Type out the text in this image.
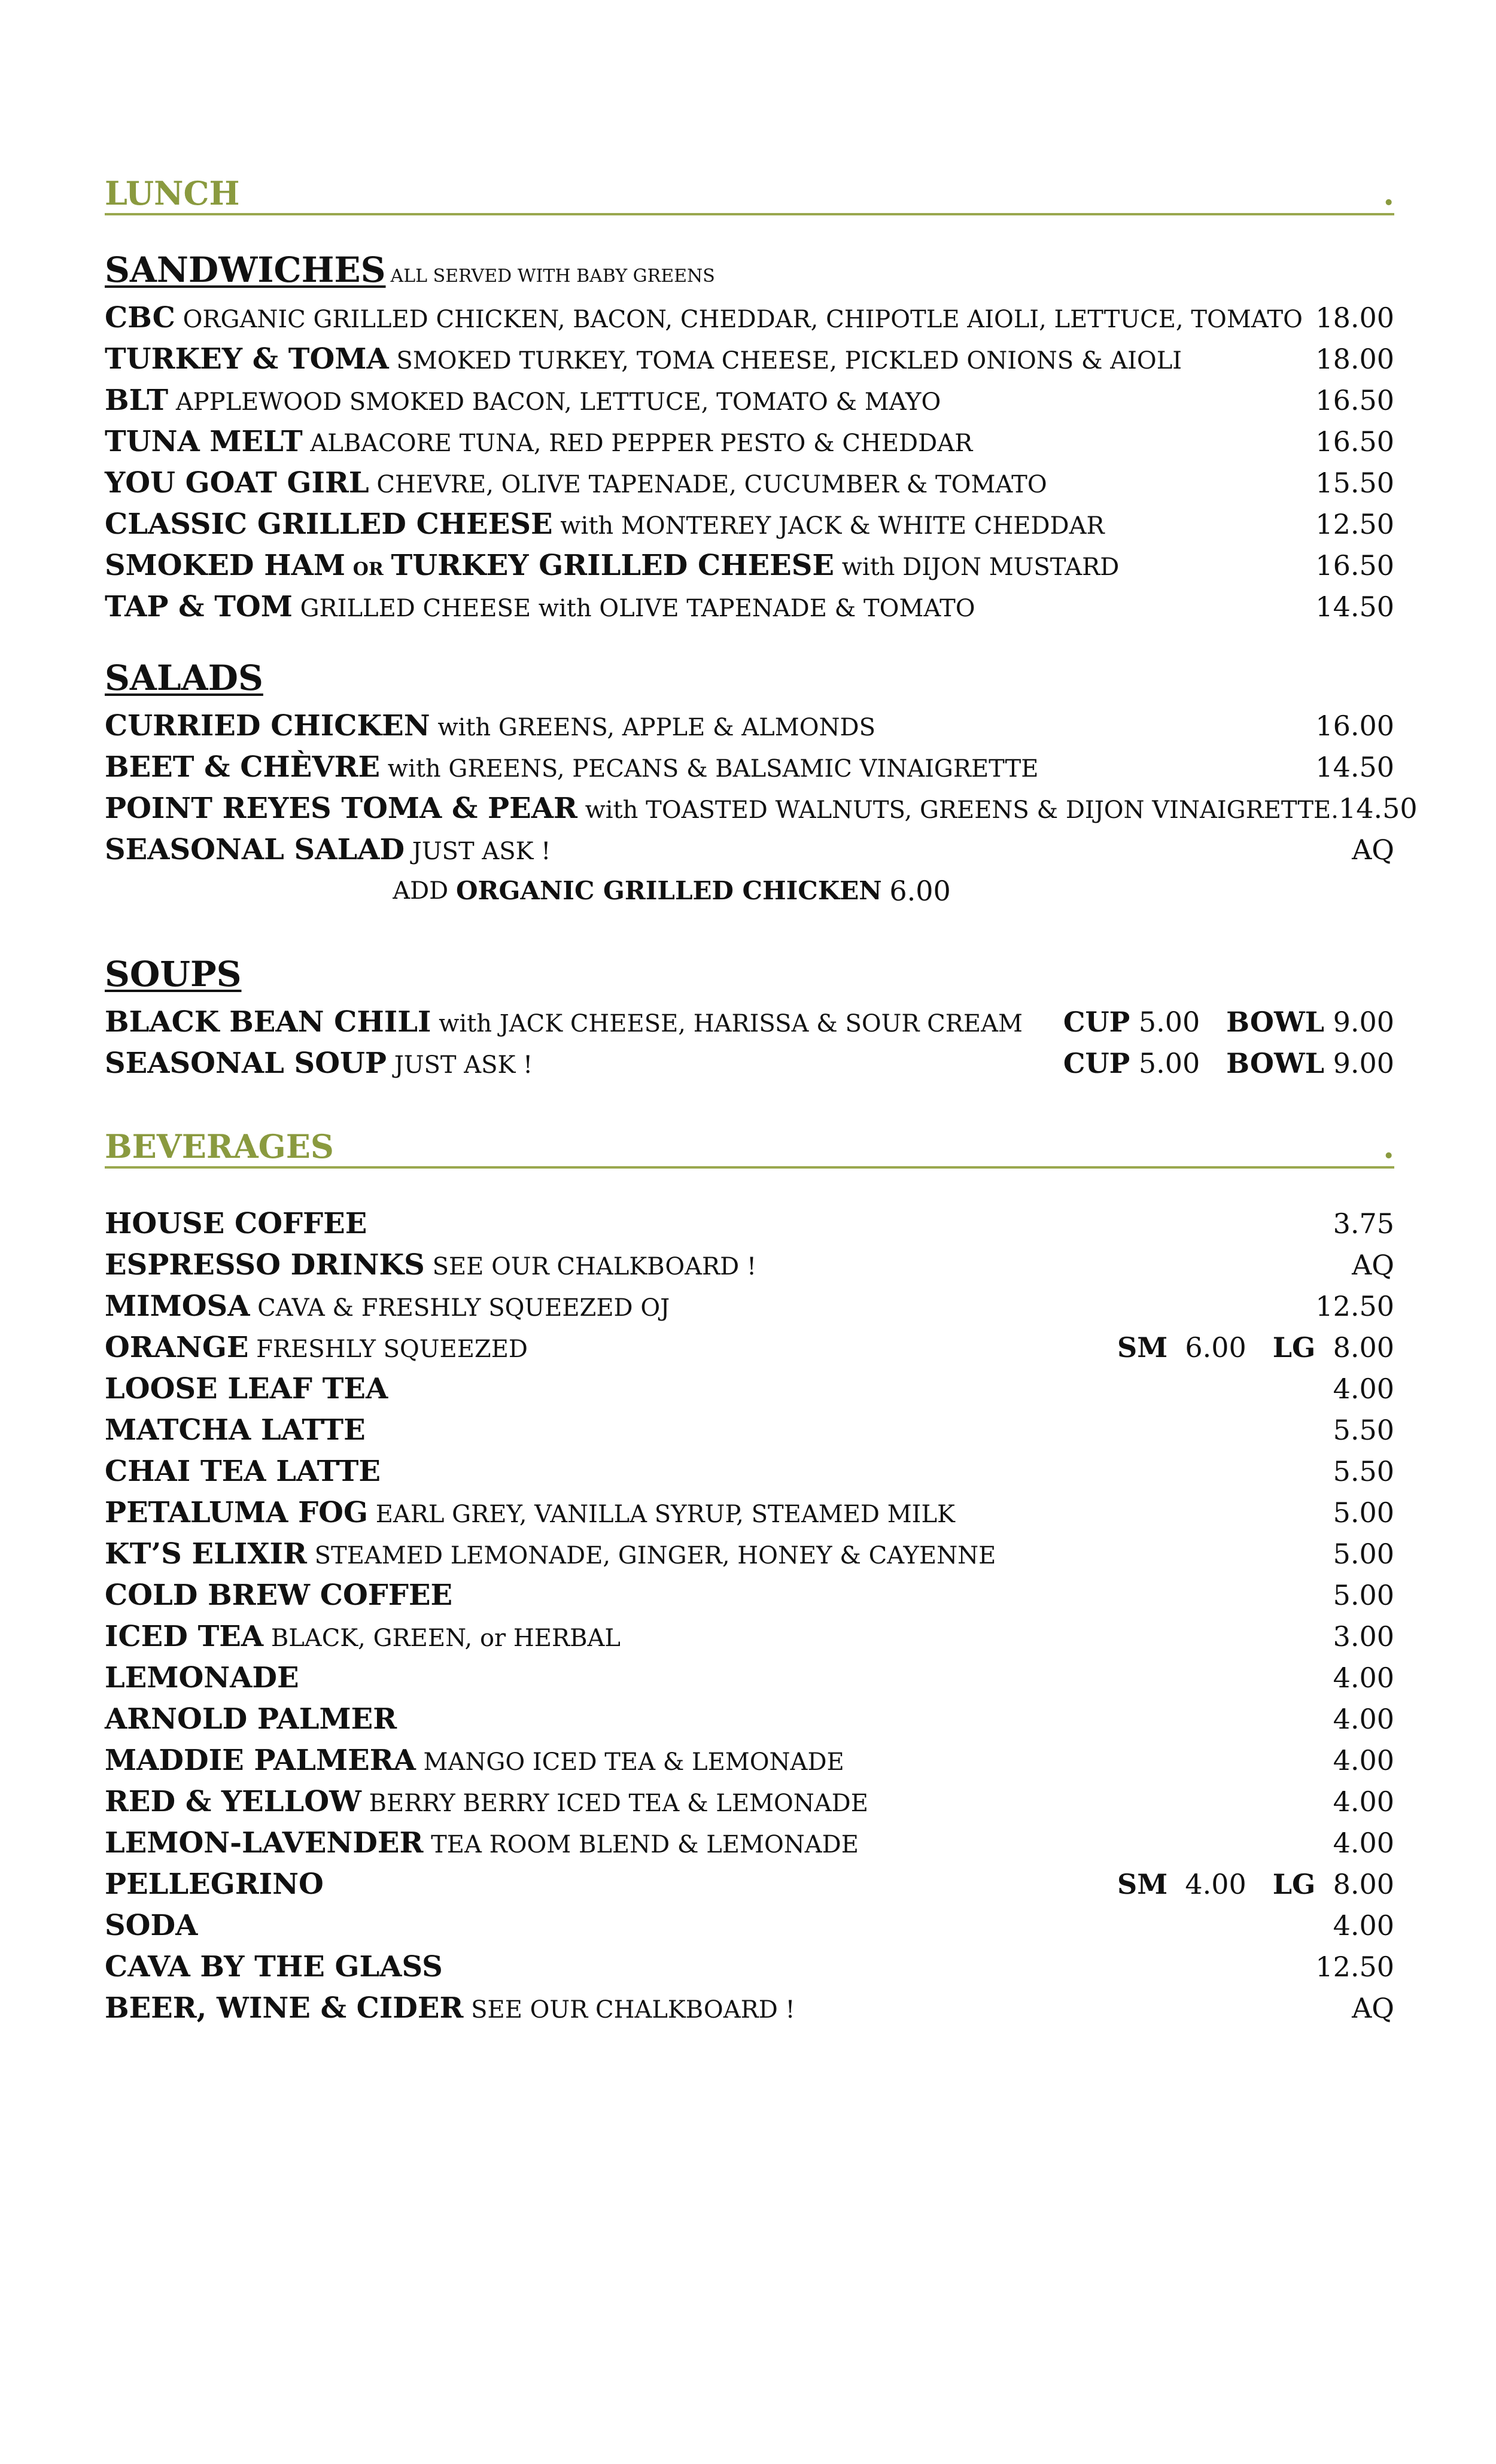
LUNCH	.
SANDWICHES ALL SERVED WITH BABY GREENS
CBC ORGANIC GRILLED CHICKEN, BACON, CHEDDAR, CHIPOTLE AIOLI, LETTUCE, TOMATO 18.00
TURKEY & TOMA SMOKED TURKEY, TOMA CHEESE, PICKLED ONIONS & AIOLI	18.00
BLT APPLEWOOD SMOKED BACON, LETTUCE, TOMATO & MAYO	16.50
TUNA MELT ALBACORE TUNA, RED PEPPER PESTO & CHEDDAR	16.50
YOU GOAT GIRL CHEVRE, OLIVE TAPENADE, CUCUMBER & TOMATO	15.50
CLASSIC GRILLED CHEESE with MONTEREY JACK & WHITE CHEDDAR	12.50
SMOKED HAM OR TURKEY GRILLED CHEESE with DIJON MUSTARD	16.50
TAP & TOM GRILLED CHEESE with OLIVE TAPENADE & TOMATO	14.50
SALADS
CURRIED CHICKEN with GREENS, APPLE & ALMONDS	16.00
BEET & CHÈVRE with GREENS, PECANS & BALSAMIC VINAIGRETTE	14.50
POINT REYES TOMA & PEAR with TOASTED WALNUTS, GREENS & DIJON VINAIGRETTE. 14.50
SEASONAL SALAD JUST ASK !	AQ
ADD
ORGANIC GRILLED CHICKEN
6.00
SOUPS
BLACK BEAN CHILI with JACK CHEESE, HARISSA & SOUR CREAM CUP 5.00 BOWL 9.00
SEASONAL SOUP JUST ASK !	CUP 5.00 BOWL 9.00
BEVERAGES	.
HOUSE COFFEE	3.75
ESPRESSO DRINKS SEE OUR CHALKBOARD !	AQ
MIMOSA CAVA & FRESHLY SQUEEZED OJ	12.50
ORANGE FRESHLY SQUEEZED	SM 6.00 LG 8.00
LOOSE LEAF TEA	4.00
MATCHA LATTE	5.50
CHAI TEA LATTE	5.50
PETALUMA FOG EARL GREY, VANILLA SYRUP, STEAMED MILK	5.00
KT’S ELIXIR STEAMED LEMONADE, GINGER, HONEY & CAYENNE	5.00
COLD BREW COFFEE	5.00
ICED TEA BLACK, GREEN, or HERBAL	3.00
LEMONADE	4.00
ARNOLD PALMER	4.00
MADDIE PALMERA MANGO ICED TEA & LEMONADE	4.00
RED & YELLOW BERRY BERRY ICED TEA & LEMONADE	4.00
LEMON-LAVENDER TEA ROOM BLEND & LEMONADE	4.00
PELLEGRINO	SM 4.00 LG 8.00
SODA	4.00
CAVA BY THE GLASS	12.50
BEER, WINE & CIDER SEE OUR CHALKBOARD !	AQ
